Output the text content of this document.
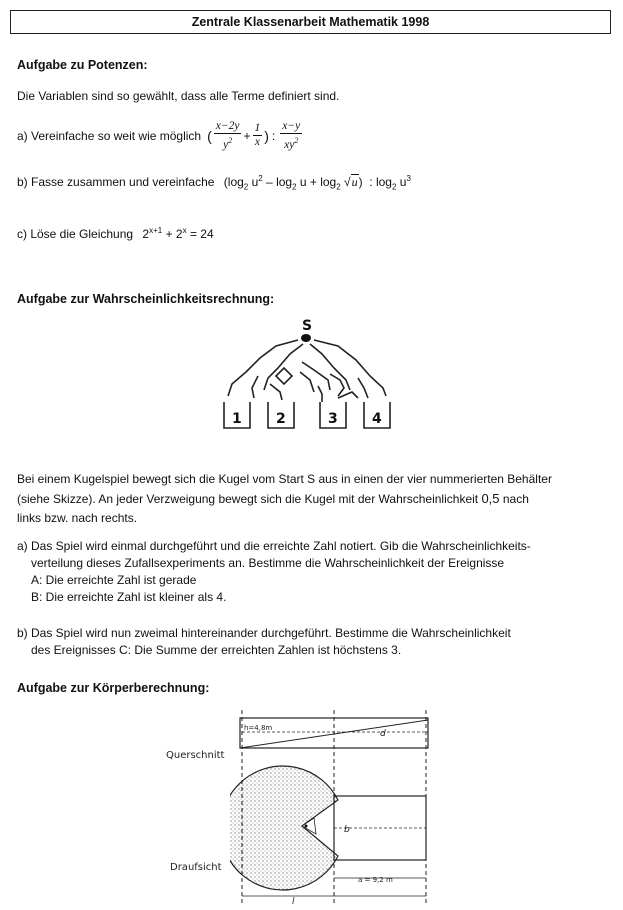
Zentrale Klassenarbeit Mathematik 1998
Aufgabe zu Potenzen:
Die Variablen sind so gewählt, dass alle Terme definiert sind.
a) Vereinfache so weit wie möglich ( $\frac{x-2y}{y^2} + \frac{1}{x}$ ) : $\frac{x-y}{xy^2}$
b) Fasse zusammen und vereinfache ($\log_2$ $u^2 - \log_2 u + \log_2 √u$)  : $\log_2 u^3$
c) Löse die Gleichung $2^{x+1} + 2^x = 24$
Aufgabe zur Wahrscheinlichkeitsrechnung:
S
1 2	3 4
Bei einem Kugelspiel bewegt sich die Kugel vom Start S aus in einen der vier nummerierten Behälter
(siehe Skizze). An jeder Verzweigung bewegt sich die Kugel mit der Wahrscheinlichkeit 0,5 nach
links bzw. nach rechts.
a) Das Spiel wird einmal durchgeführt und die erreichte Zahl notiert. Gib die Wahrscheinlichkeits-
verteilung dieses Zufallsexperiments an. Bestimme die Wahrscheinlichkeit der Ereignisse
A: Die erreichte Zahl ist gerade
B: Die erreichte Zahl ist kleiner als 4.
b) Das Spiel wird nun zweimal hintereinander durchgeführt. Bestimme die Wahrscheinlichkeit
des Ereignisses C: Die Summe der erreichten Zahlen ist höchstens 3.
Aufgabe zur Körperberechnung:
Querschnitt
Draufsicht
h=4,8m
d
b
a = 9,2 m
l
